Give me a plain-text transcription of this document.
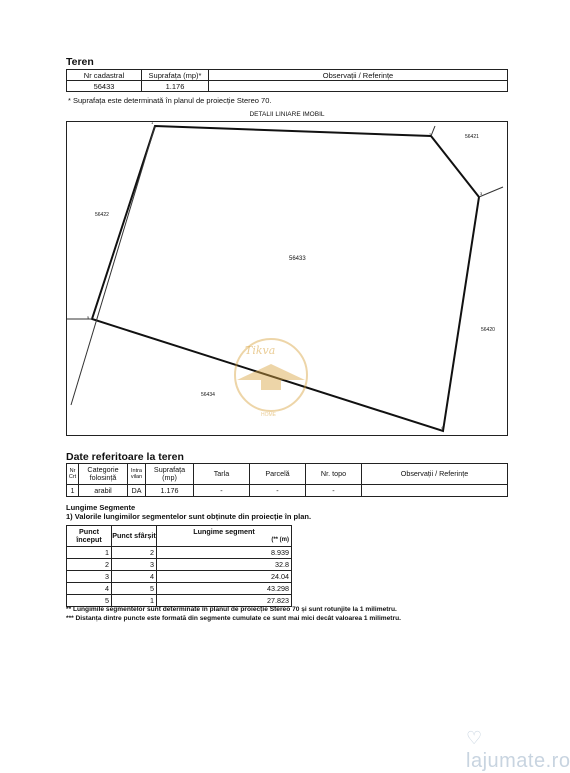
Teren
Nr cadastral	Suprafața (mp)*	Observații / Referințe
56433	1.176	
* Suprafața este determinată în planul de proiecție Stereo 70.
DETALII LINIARE IMOBIL
56433
56420
56422
56421
56434
1
2
3
4
5
Tikva
HOME
Date referitoare la teren
Nr Crt	Categorie folosință	Intra vilan	Suprafața (mp)	Tarla	Parcelă	Nr. topo	Observații / Referințe
1	arabil	DA	1.176	-	-	-	
Lungime Segmente
1) Valorile lungimilor segmentelor sunt obținute din proiecție în plan.
Punct început	Punct sfârșit	Lungime segment
(** (m)

1	2	8.939
2	3	32.8
3	4	24.04
4	5	43.298
5	1	27.823
** Lungimile segmentelor sunt determinate în planul de proiecție Stereo 70 și sunt rotunjite la 1 milimetru.
*** Distanța dintre puncte este formată din segmente cumulate ce sunt mai mici decât valoarea 1 milimetru.
♡ lajumate.ro
